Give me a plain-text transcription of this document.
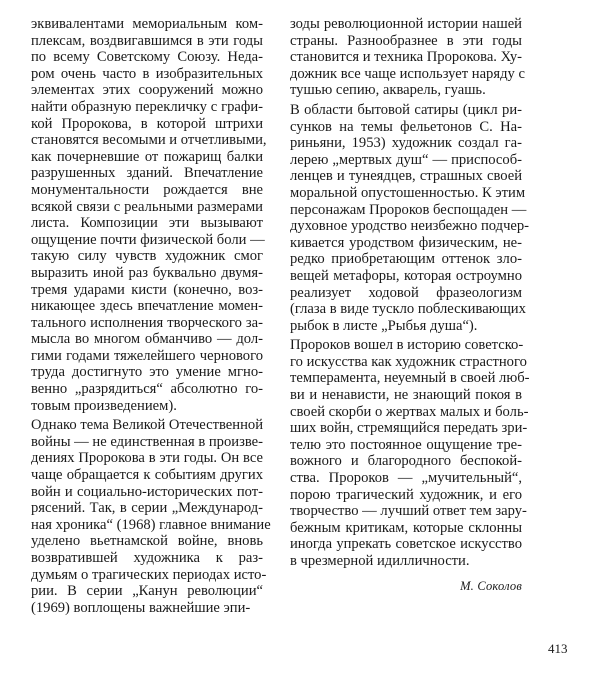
эквивалентами мемориальным ком-
плексам, воздвигавшимся в эти годы
по всему Советскому Союзу. Неда-
ром очень часто в изобразительных
элементах этих сооружений можно
найти образную перекличку с графи-
кой Пророкова, в которой штрихи
становятся весомыми и отчетливыми,
как почерневшие от пожарищ балки
разрушенных зданий. Впечатление
монументальности рождается вне
всякой связи с реальными размерами
листа. Композиции эти вызывают
ощущение почти физической боли —
такую силу чувств художник смог
выразить иной раз буквально двумя-
тремя ударами кисти (конечно, воз-
никающее здесь впечатление момен-
тального исполнения творческого за-
мысла во многом обманчиво — дол-
гими годами тяжелейшего чернового
труда достигнуто это умение мгно-
венно „разрядиться“ абсолютно го-
товым произведением).
Однако тема Великой Отечественной
войны — не единственная в произве-
дениях Пророкова в эти годы. Он все
чаще обращается к событиям других
войн и социально-исторических пот-
рясений. Так, в серии „Международ-
ная хроника“ (1968) главное внимание
уделено вьетнамской войне, вновь
возвратившей художника к раз-
думьям о трагических периодах исто-
рии. В серии „Канун революции“
(1969) воплощены важнейшие эпи-
зоды революционной истории нашей
страны. Разнообразнее в эти годы
становится и техника Пророкова. Ху-
дожник все чаще использует наряду с
тушью сепию, акварель, гуашь.
В области бытовой сатиры (цикл ри-
сунков на темы фельетонов С. На-
риньяни, 1953) художник создал га-
лерею „мертвых душ“ — приспособ-
ленцев и тунеядцев, страшных своей
моральной опустошенностью. К этим
персонажам Пророков беспощаден —
духовное уродство неизбежно подчер-
кивается уродством физическим, не-
редко приобретающим оттенок зло-
вещей метафоры, которая остроумно
реализует ходовой фразеологизм
(глаза в виде тускло поблескивающих
рыбок в листе „Рыбья душа“).
Пророков вошел в историю советско-
го искусства как художник страстного
темперамента, неуемный в своей люб-
ви и ненависти, не знающий покоя в
своей скорби о жертвах малых и боль-
ших войн, стремящийся передать зри-
телю это постоянное ощущение тре-
вожного и благородного беспокой-
ства. Пророков — „мучительный“,
порою трагический художник, и его
творчество — лучший ответ тем зару-
бежным критикам, которые склонны
иногда упрекать советское искусство
в чрезмерной идилличности.
М. Соколов
413
